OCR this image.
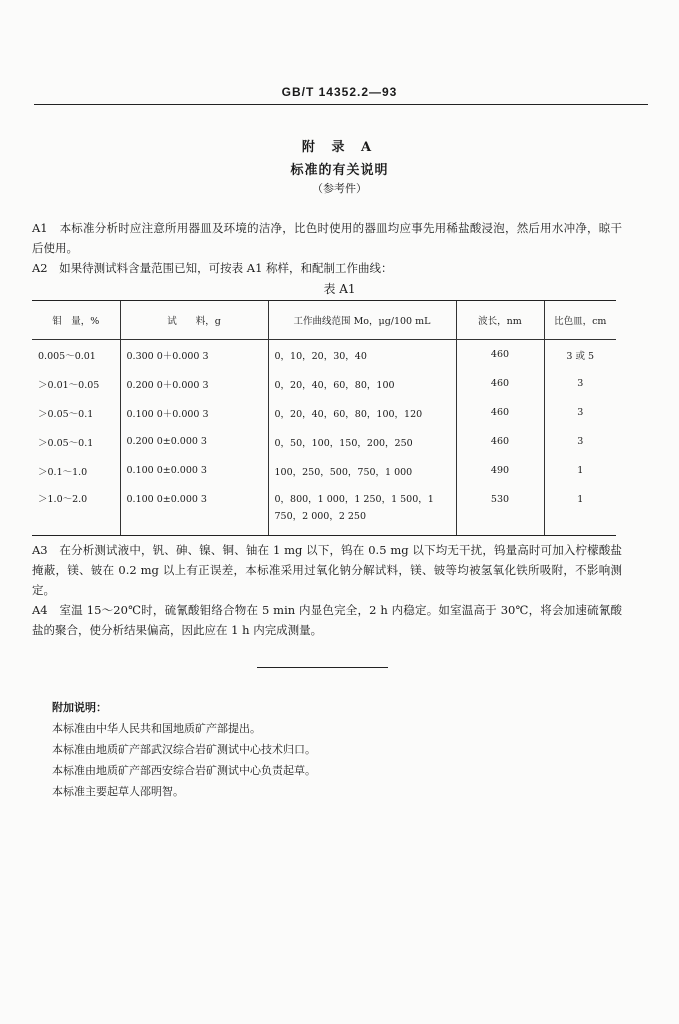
GB/T 14352.2—93
附 录 A
标准的有关说明
（参考件）
A1　本标准分析时应注意所用器皿及环境的洁净，比色时使用的器皿均应事先用稀盐酸浸泡，然后用水冲净，晾干后使用。
A2　如果待测试料含量范围已知，可按表 A1 称样，和配制工作曲线：
表 A1
钼　量，%	试　　料，g	工作曲线范围 Mo，μg/100 mL	波长，nm	比色皿，cm
0.005～0.01	0.300 0＋0.000 3	0，10，20，30，40	460	3 或 5
＞0.01～0.05	0.200 0＋0.000 3	0，20，40，60，80，100	460	3
＞0.05～0.1	0.100 0＋0.000 3	0，20，40，60，80，100，120	460	3
＞0.05～0.1	0.200 0±0.000 3	0，50，100，150，200，250	460	3
＞0.1～1.0	0.100 0±0.000 3	100，250，500，750，1 000	490	1
＞1.0～2.0	0.100 0±0.000 3	0，800，1 000，1 250，1 500，1 750，2 000，2 250	530	1
A3　在分析测试液中，钒、砷、镍、铜、铀在 1 mg 以下，钨在 0.5 mg 以下均无干扰，钨量高时可加入柠檬酸盐掩蔽，镁、铍在 0.2 mg 以上有正误差，本标准采用过氧化钠分解试料，镁、铍等均被氢氧化铁所吸附，不影响测定。
A4　室温 15～20℃时，硫氰酸钼络合物在 5 min 内显色完全，2 h 内稳定。如室温高于 30℃，将会加速硫氰酸盐的聚合，使分析结果偏高，因此应在 1 h 内完成测量。
附加说明：
本标准由中华人民共和国地质矿产部提出。
本标准由地质矿产部武汉综合岩矿测试中心技术归口。
本标准由地质矿产部西安综合岩矿测试中心负责起草。
本标准主要起草人邵明智。
